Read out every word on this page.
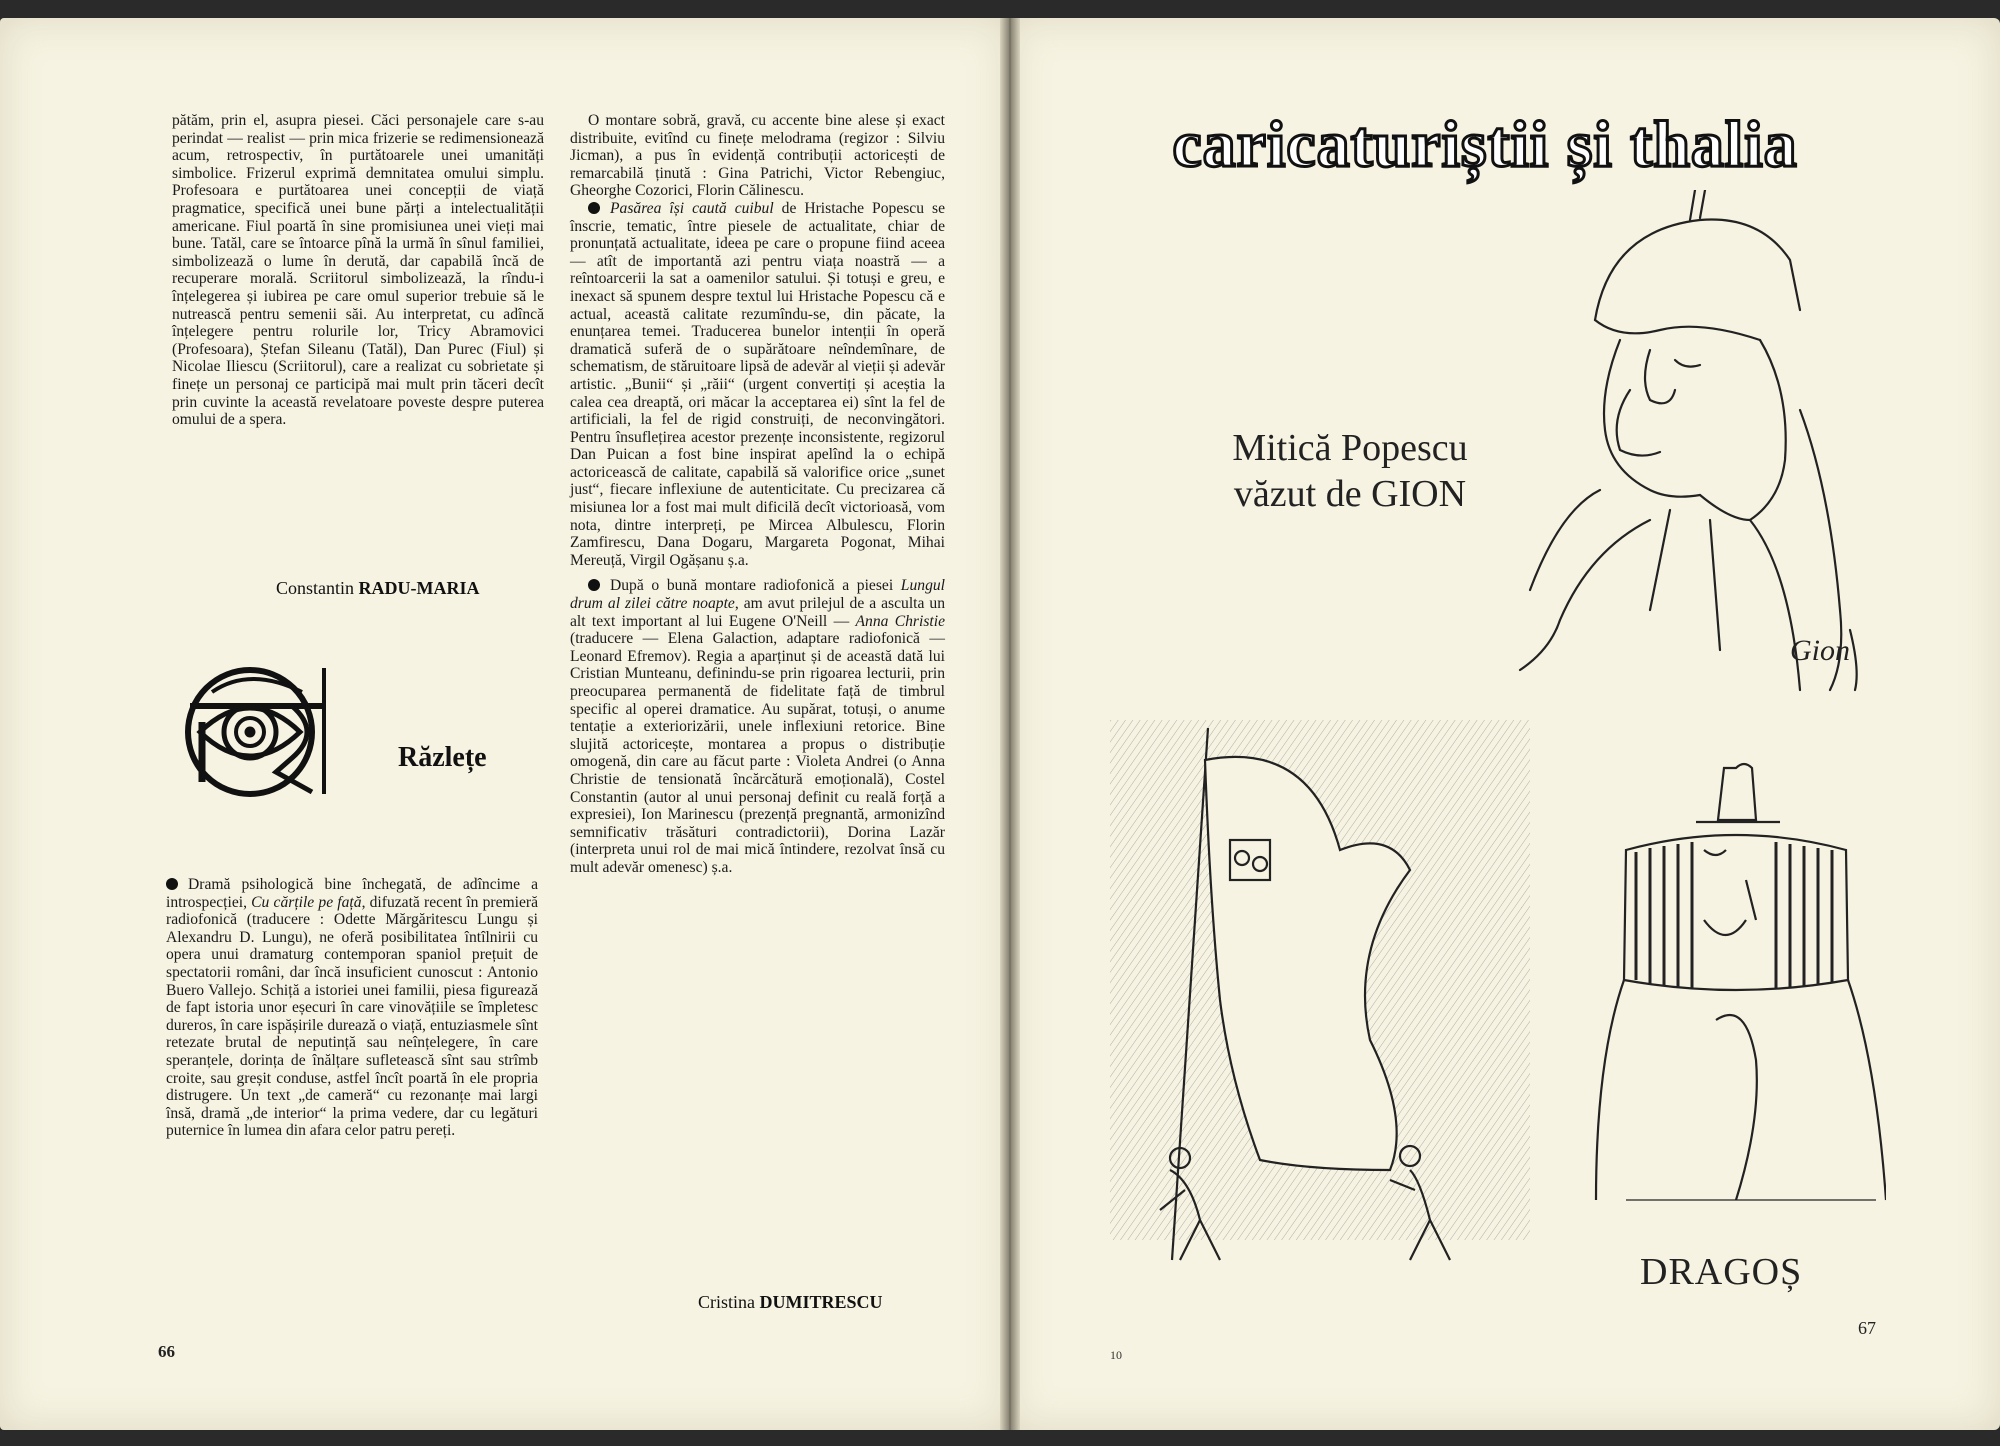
pătăm, prin el, asupra piesei. Căci personajele care s-au perindat — realist — prin mica frizerie se redimensionează acum, retrospectiv, în purtătoarele unei umanități simbolice. Frizerul exprimă demnitatea omului simplu. Profesoara e purtătoarea unei concepții de viață pragmatice, specifică unei bune părți a intelectualității americane. Fiul poartă în sine promisiunea unei vieți mai bune. Tatăl, care se întoarce pînă la urmă în sînul familiei, simbolizează o lume în derută, dar capabilă încă de recuperare morală. Scriitorul simbolizează, la rîndu-i înțelegerea și iubirea pe care omul superior trebuie să le nutrească pentru semenii săi. Au interpretat, cu adîncă înțelegere pentru rolurile lor, Tricy Abramovici (Profesoara), Ștefan Sileanu (Tatăl), Dan Purec (Fiul) și Nicolae Iliescu (Scriitorul), care a realizat cu sobrietate și finețe un personaj ce participă mai mult prin tăceri decît prin cuvinte la această revelatoare poveste despre puterea omului de a spera.

Constantin RADU-MARIA
Răzlețe

Dramă psihologică bine închegată, de adîncime a introspecției, Cu cărțile pe față, difuzată recent în premieră radiofonică (traducere : Odette Mărgăritescu Lungu și Alexandru D. Lungu), ne oferă posibilitatea întîlnirii cu opera unui dramaturg contemporan spaniol prețuit de spectatorii români, dar încă insuficient cunoscut : Antonio Buero Vallejo. Schiță a istoriei unei familii, piesa figurează de fapt istoria unor eșecuri în care vinovățiile se împletesc dureros, în care ispășirile durează o viață, entuziasmele sînt retezate brutal de neputință sau neînțelegere, în care speranțele, dorința de înălțare sufletească sînt sau strîmb croite, sau greșit conduse, astfel încît poartă în ele propria distrugere. Un text „de cameră“ cu rezonanțe mai largi însă, dramă „de interior“ la prima vedere, dar cu legături puternice în lumea din afara celor patru pereți.

O montare sobră, gravă, cu accente bine alese și exact distribuite, evitînd cu finețe melodrama (regizor : Silviu Jicman), a pus în evidență contribuții actoricești de remarcabilă ținută : Gina Patrichi, Victor Rebengiuc, Gheorghe Cozorici, Florin Călinescu.

Pasărea își caută cuibul de Hristache Popescu se înscrie, tematic, între piesele de actualitate, chiar de pronunțată actualitate, ideea pe care o propune fiind aceea — atît de importantă azi pentru viața noastră — a reîntoarcerii la sat a oamenilor satului. Și totuși e greu, e inexact să spunem despre textul lui Hristache Popescu că e actual, această calitate rezumîndu-se, din păcate, la enunțarea temei. Traducerea bunelor intenții în operă dramatică suferă de o supărătoare neîndemînare, de schematism, de stăruitoare lipsă de adevăr al vieții și adevăr artistic. „Bunii“ și „răii“ (urgent convertiți și aceștia la calea cea dreaptă, ori măcar la acceptarea ei) sînt la fel de artificiali, la fel de rigid construiți, de neconvingători. Pentru însuflețirea acestor prezențe inconsistente, regizorul Dan Puican a fost bine inspirat apelînd la o echipă actoricească de calitate, capabilă să valorifice orice „sunet just“, fiecare inflexiune de autenticitate. Cu precizarea că misiunea lor a fost mai mult dificilă decît victorioasă, vom nota, dintre interpreți, pe Mircea Albulescu, Florin Zamfirescu, Dana Dogaru, Margareta Pogonat, Mihai Mereuță, Virgil Ogășanu ș.a.

După o bună montare radiofonică a piesei Lungul drum al zilei către noapte, am avut prilejul de a asculta un alt text important al lui Eugene O'Neill — Anna Christie (traducere — Elena Galaction, adaptare radiofonică — Leonard Efremov). Regia a aparținut și de această dată lui Cristian Munteanu, definindu-se prin rigoarea lecturii, prin preocuparea permanentă de fidelitate față de timbrul specific al operei dramatice. Au supărat, totuși, o anume tentație a exteriorizării, unele inflexiuni retorice. Bine slujită actoricește, montarea a propus o distribuție omogenă, din care au făcut parte : Violeta Andrei (o Anna Christie de tensionată încărcătură emoțională), Costel Constantin (autor al unui personaj definit cu reală forță a expresiei), Ion Marinescu (prezență pregnantă, armonizînd semnificativ trăsături contradictorii), Dorina Lazăr (interpreta unui rol de mai mică întindere, rezolvat însă cu mult adevăr omenesc) ș.a.

Cristina DUMITRESCU
66
caricaturiștii și thalia
Gion
Mitică Popescu
văzut de GION
DRAGOȘ
67
10
